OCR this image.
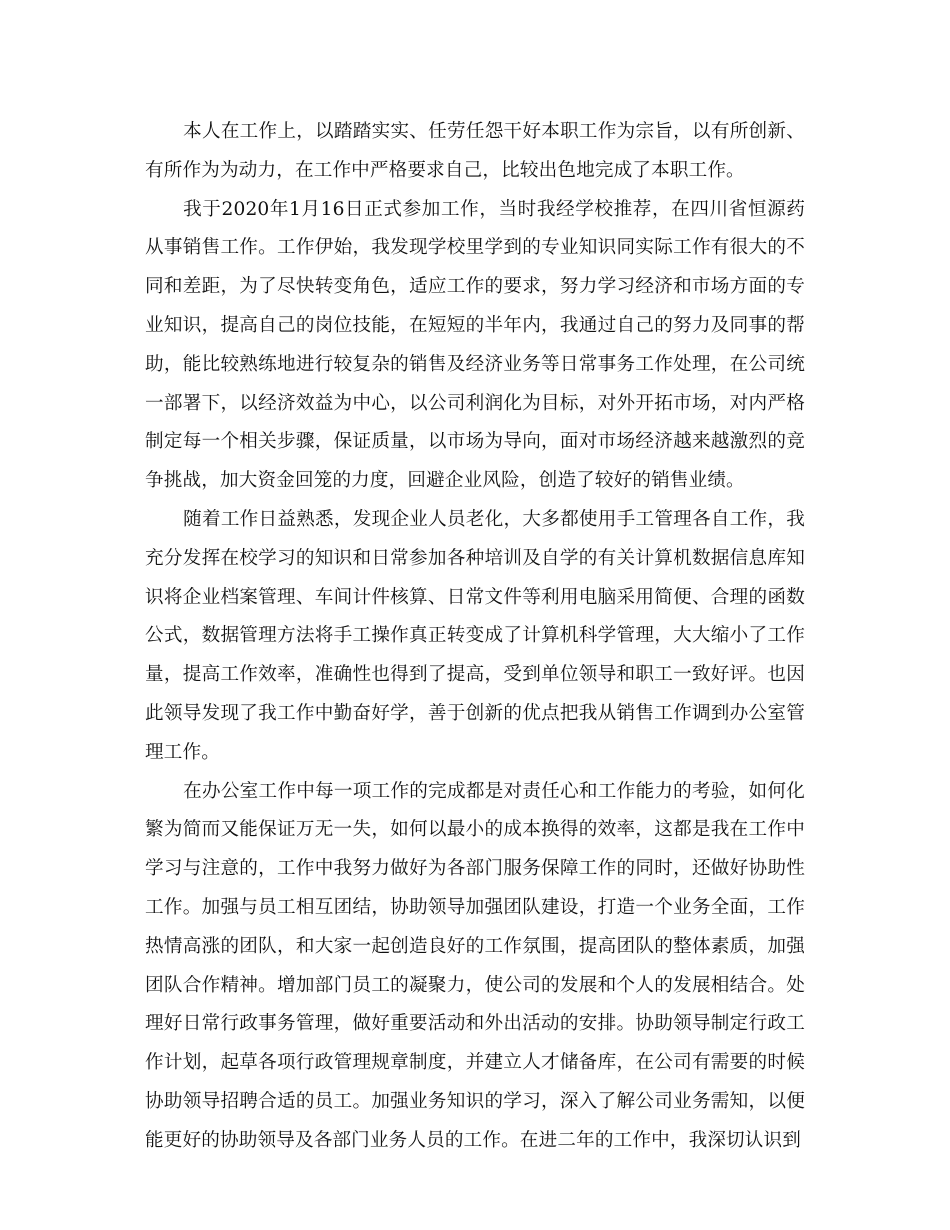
本人在工作上，以踏踏实实、任劳任怨干好本职工作为宗旨，以有所创新、有所作为为动力，在工作中严格要求自己，比较出色地完成了本职工作。

我于2020年1月16日正式参加工作，当时我经学校推荐，在四川省恒源药从事销售工作。工作伊始，我发现学校里学到的专业知识同实际工作有很大的不同和差距，为了尽快转变角色，适应工作的要求，努力学习经济和市场方面的专业知识，提高自己的岗位技能，在短短的半年内，我通过自己的努力及同事的帮助，能比较熟练地进行较复杂的销售及经济业务等日常事务工作处理，在公司统一部署下，以经济效益为中心，以公司利润化为目标，对外开拓市场，对内严格制定每一个相关步骤，保证质量，以市场为导向，面对市场经济越来越激烈的竞争挑战，加大资金回笼的力度，回避企业风险，创造了较好的销售业绩。

随着工作日益熟悉，发现企业人员老化，大多都使用手工管理各自工作，我充分发挥在校学习的知识和日常参加各种培训及自学的有关计算机数据信息库知识将企业档案管理、车间计件核算、日常文件等利用电脑采用简便、合理的函数公式，数据管理方法将手工操作真正转变成了计算机科学管理，大大缩小了工作量，提高工作效率，准确性也得到了提高，受到单位领导和职工一致好评。也因此领导发现了我工作中勤奋好学，善于创新的优点把我从销售工作调到办公室管理工作。

在办公室工作中每一项工作的完成都是对责任心和工作能力的考验，如何化繁为简而又能保证万无一失，如何以最小的成本换得的效率，这都是我在工作中学习与注意的，工作中我努力做好为各部门服务保障工作的同时，还做好协助性工作。加强与员工相互团结，协助领导加强团队建设，打造一个业务全面，工作热情高涨的团队，和大家一起创造良好的工作氛围，提高团队的整体素质，加强团队合作精神。增加部门员工的凝聚力，使公司的发展和个人的发展相结合。处理好日常行政事务管理，做好重要活动和外出活动的安排。协助领导制定行政工作计划，起草各项行政管理规章制度，并建立人才储备库，在公司有需要的时候协助领导招聘合适的员工。加强业务知识的学习，深入了解公司业务需知，以便能更好的协助领导及各部门业务人员的工作。在进二年的工作中，我深切认识到
